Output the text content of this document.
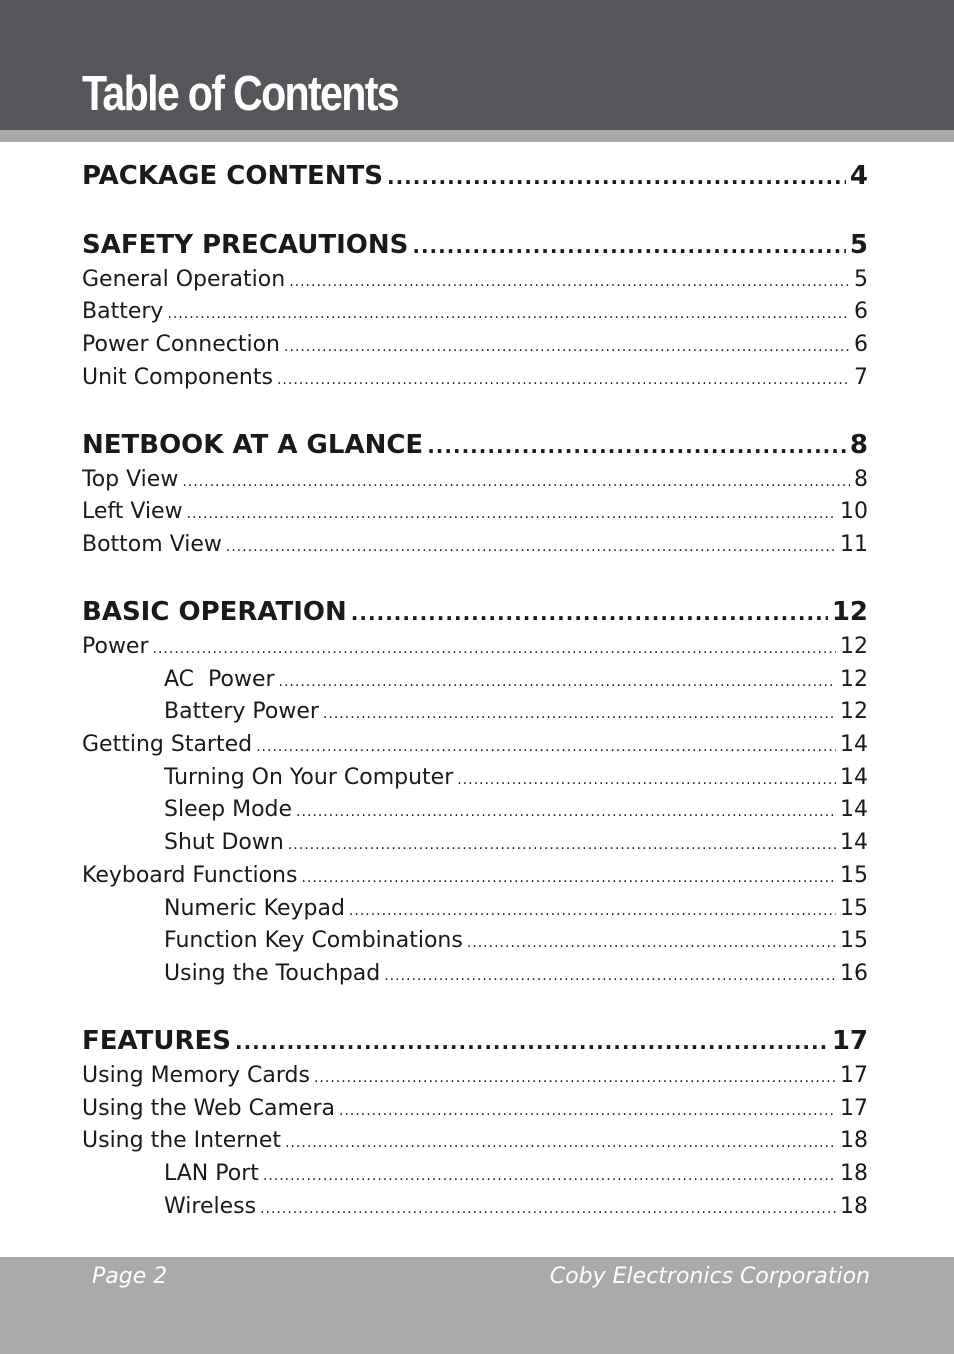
Table of Contents
PACKAGE CONTENTS .....	4
SAFETY PRECAUTIONS .....	5
General Operation .....	5
Battery .....	6
Power Connection .....	6
Unit Components .....	7
NETBOOK AT A GLANCE .....	8
Top View .....	8
Left View .....	10
Bottom View .....	11
BASIC OPERATION .....	12
Power .....	12
AC  Power .....	12
Battery Power .....	12
Getting Started .....	14
Turning On Your Computer .....	14
Sleep Mode .....	14
Shut Down .....	14
Keyboard Functions .....	15
Numeric Keypad .....	15
Function Key Combinations .....	15
Using the Touchpad .....	16
FEATURES .....	17
Using Memory Cards .....	17
Using the Web Camera .....	17
Using the Internet .....	18
LAN Port .....	18
Wireless .....	18
Page 2	Coby Electronics Corporation
